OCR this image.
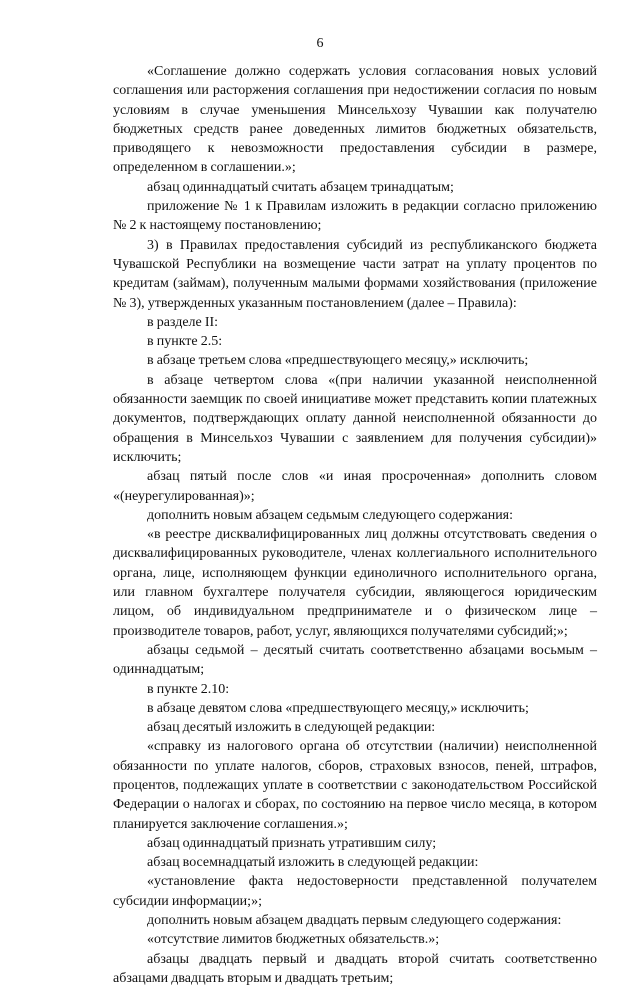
6

«Соглашение должно содержать условия согласования новых условий соглашения или расторжения соглашения при недостижении согласия по новым условиям в случае уменьшения Минсельхозу Чувашии как получателю бюджетных средств ранее доведенных лимитов бюджетных обязательств, приводящего к невозможности предоставления субсидии в размере, определенном в соглашении.»;

абзац одиннадцатый считать абзацем тринадцатым;

приложение № 1 к Правилам изложить в редакции согласно приложению № 2 к настоящему постановлению;

3) в Правилах предоставления субсидий из республиканского бюджета Чувашской Республики на возмещение части затрат на уплату процентов по кредитам (займам), полученным малыми формами хозяйствования (приложение № 3), утвержденных указанным постановлением (далее – Правила):

в разделе II:

в пункте 2.5:

в абзаце третьем слова «предшествующего месяцу,» исключить;

в абзаце четвертом слова «(при наличии указанной неисполненной обязанности заемщик по своей инициативе может представить копии платежных документов, подтверждающих оплату данной неисполненной обязанности до обращения в Минсельхоз Чувашии с заявлением для получения субсидии)» исключить;

абзац пятый после слов «и иная просроченная» дополнить словом «(неурегулированная)»;

дополнить новым абзацем седьмым следующего содержания:

«в реестре дисквалифицированных лиц должны отсутствовать сведения о дисквалифицированных руководителе, членах коллегиального исполнительного органа, лице, исполняющем функции единоличного исполнительного органа, или главном бухгалтере получателя субсидии, являющегося юридическим лицом, об индивидуальном предпринимателе и о физическом лице – производителе товаров, работ, услуг, являющихся получателями субсидий;»;

абзацы седьмой – десятый считать соответственно абзацами восьмым – одиннадцатым;

в пункте 2.10:

в абзаце девятом слова «предшествующего месяцу,» исключить;

абзац десятый изложить в следующей редакции:

«справку из налогового органа об отсутствии (наличии) неисполненной обязанности по уплате налогов, сборов, страховых взносов, пеней, штрафов, процентов, подлежащих уплате в соответствии с законодательством Российской Федерации о налогах и сборах, по состоянию на первое число месяца, в котором планируется заключение соглашения.»;

абзац одиннадцатый признать утратившим силу;

абзац восемнадцатый изложить в следующей редакции:

«установление факта недостоверности представленной получателем субсидии информации;»;

дополнить новым абзацем двадцать первым следующего содержания:

«отсутствие лимитов бюджетных обязательств.»;

абзацы двадцать первый и двадцать второй считать соответственно абзацами двадцать вторым и двадцать третьим;
